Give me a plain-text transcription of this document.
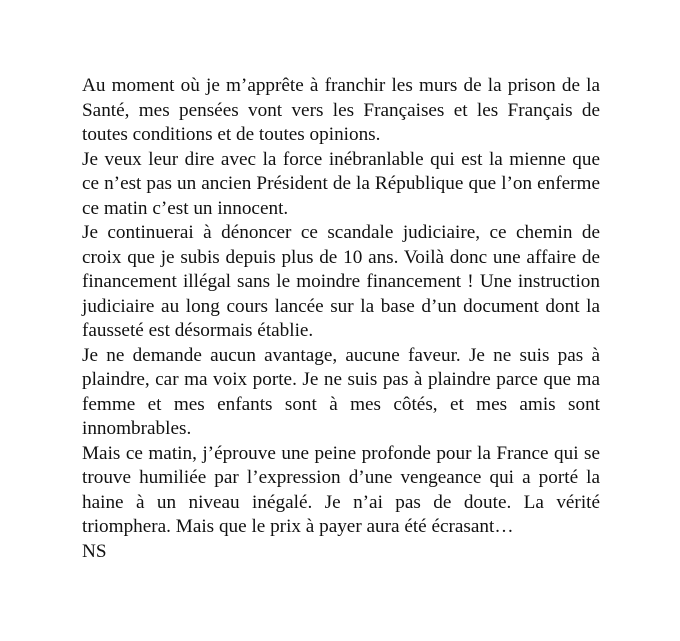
Au moment où je m’apprête à franchir les murs de la prison de la Santé, mes pensées vont vers les Françaises et les Français de toutes conditions et de toutes opinions.

Je veux leur dire avec la force inébranlable qui est la mienne que ce n’est pas un ancien Président de la République que l’on enferme ce matin c’est un innocent.

Je continuerai à dénoncer ce scandale judiciaire, ce chemin de croix que je subis depuis plus de 10 ans. Voilà donc une affaire de financement illégal sans le moindre financement ! Une instruction judiciaire au long cours lancée sur la base d’un document dont la fausseté est désormais établie.

Je ne demande aucun avantage, aucune faveur. Je ne suis pas à plaindre, car ma voix porte. Je ne suis pas à plaindre parce que ma femme et mes enfants sont à mes côtés, et mes amis sont innombrables.

Mais ce matin, j’éprouve une peine profonde pour la France qui se trouve humiliée par l’expression d’une vengeance qui a porté la haine à un niveau inégalé. Je n’ai pas de doute. La vérité triomphera. Mais que le prix à payer aura été écrasant…

NS
